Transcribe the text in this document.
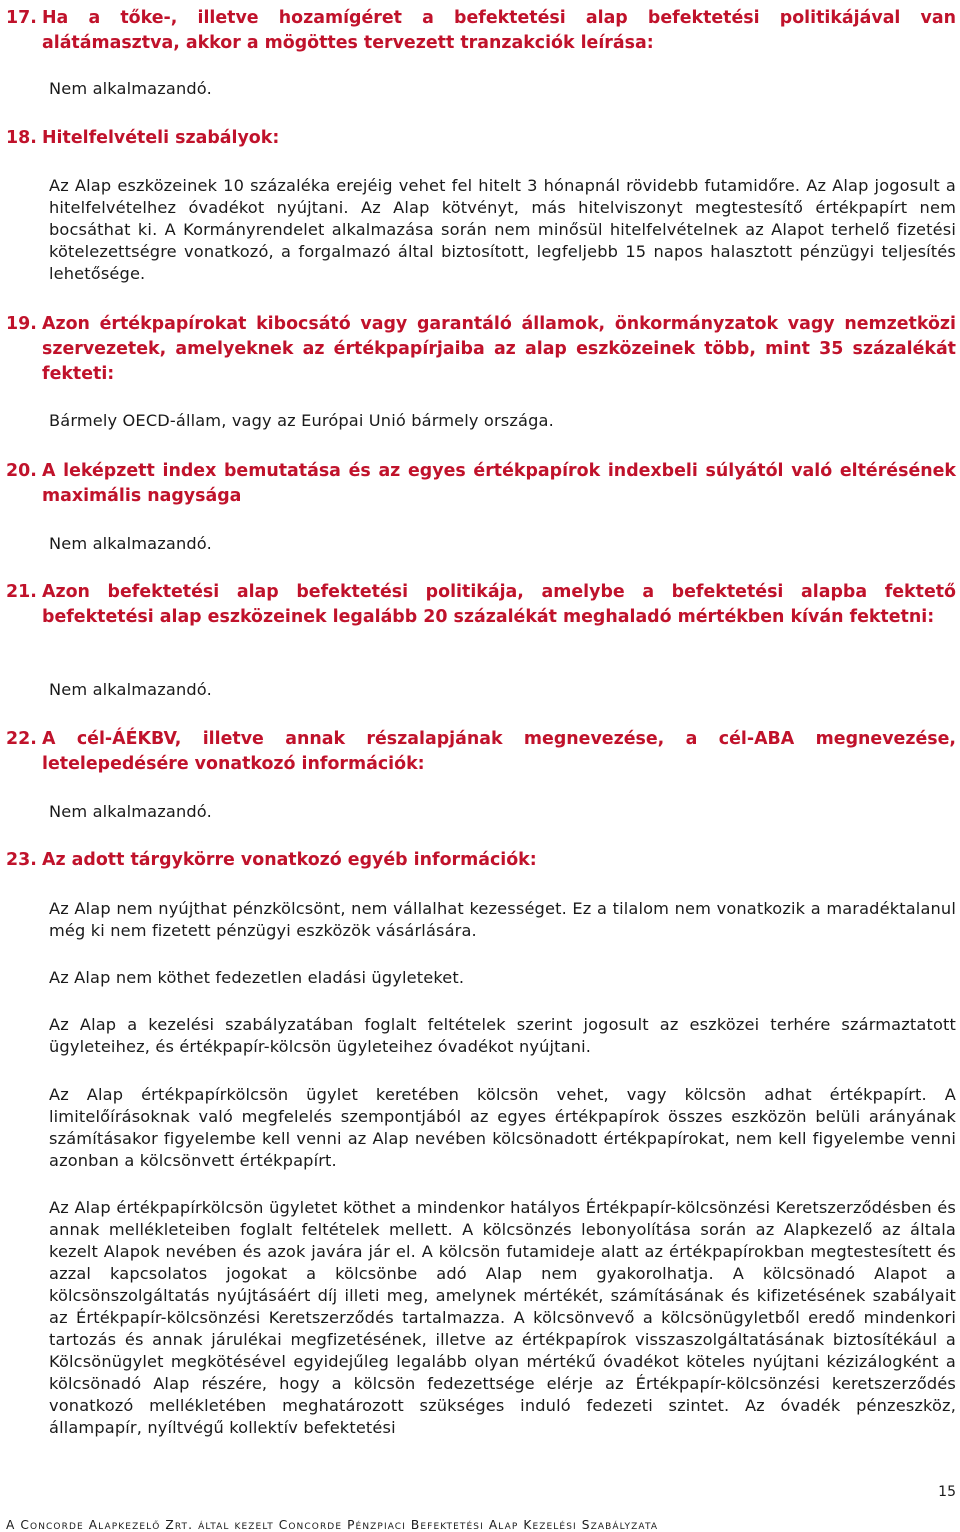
17. Ha a tőke-, illetve hozamígéret a befektetési alap befektetési politikájával van alátámasztva, akkor a mögöttes tervezett tranzakciók leírása:

Nem alkalmazandó.

18. Hitelfelvételi szabályok:

Az Alap eszközeinek 10 százaléka erejéig vehet fel hitelt 3 hónapnál rövidebb futamidőre. Az Alap jogosult a hitelfelvételhez óvadékot nyújtani. Az Alap kötvényt, más hitelviszonyt megtestesítő értékpapírt nem bocsáthat ki. A Kormányrendelet alkalmazása során nem minősül hitelfelvételnek az Alapot terhelő fizetési kötelezettségre vonatkozó, a forgalmazó által biztosított, legfeljebb 15 napos halasztott pénzügyi teljesítés lehetősége.

19. Azon értékpapírokat kibocsátó vagy garantáló államok, önkormányzatok vagy nemzetközi szervezetek, amelyeknek az értékpapírjaiba az alap eszközeinek több, mint 35 százalékát fekteti:

Bármely OECD-állam, vagy az Európai Unió bármely országa.

20. A leképzett index bemutatása és az egyes értékpapírok indexbeli súlyától való eltérésének maximális nagysága

Nem alkalmazandó.

21. Azon befektetési alap befektetési politikája, amelybe a befektetési alapba fektető befektetési alap eszközeinek legalább 20 százalékát meghaladó mértékben kíván fektetni:

Nem alkalmazandó.

22. A cél-ÁÉKBV, illetve annak részalapjának megnevezése, a cél-ABA megnevezése, letelepedésére vonatkozó információk:

Nem alkalmazandó.

23. Az adott tárgykörre vonatkozó egyéb információk:

Az Alap nem nyújthat pénzkölcsönt, nem vállalhat kezességet. Ez a tilalom nem vonatkozik a maradéktalanul még ki nem fizetett pénzügyi eszközök vásárlására.

Az Alap nem köthet fedezetlen eladási ügyleteket.

Az Alap a kezelési szabályzatában foglalt feltételek szerint jogosult az eszközei terhére származtatott ügyleteihez, és értékpapír-kölcsön ügyleteihez óvadékot nyújtani.

Az Alap értékpapírkölcsön ügylet keretében kölcsön vehet, vagy kölcsön adhat értékpapírt. A limitelőírásoknak való megfelelés szempontjából az egyes értékpapírok összes eszközön belüli arányának számításakor figyelembe kell venni az Alap nevében kölcsönadott értékpapírokat, nem kell figyelembe venni azonban a kölcsönvett értékpapírt.

Az Alap értékpapírkölcsön ügyletet köthet a mindenkor hatályos Értékpapír-kölcsönzési Keretszerződésben és annak mellékleteiben foglalt feltételek mellett. A kölcsönzés lebonyolítása során az Alapkezelő az általa kezelt Alapok nevében és azok javára jár el. A kölcsön futamideje alatt az értékpapírokban megtestesített és azzal kapcsolatos jogokat a kölcsönbe adó Alap nem gyakorolhatja. A kölcsönadó Alapot a kölcsönszolgáltatás nyújtásáért díj illeti meg, amelynek mértékét, számításának és kifizetésének szabályait az Értékpapír-kölcsönzési Keretszerződés tartalmazza. A kölcsönvevő a kölcsönügyletből eredő mindenkori tartozás és annak járulékai megfizetésének, illetve az értékpapírok visszaszolgáltatásának biztosítékául a Kölcsönügylet megkötésével egyidejűleg legalább olyan mértékű óvadékot köteles nyújtani kézizálogként a kölcsönadó Alap részére, hogy a kölcsön fedezettsége elérje az Értékpapír-kölcsönzési keretszerződés vonatkozó mellékletében meghatározott szükséges induló fedezeti szintet. Az óvadék pénzeszköz, állampapír, nyíltvégű kollektív befektetési

15
A Concorde Alapkezelő Zrt. által kezelt Concorde Pénzpiaci Befektetési Alap Kezelési Szabályzata
